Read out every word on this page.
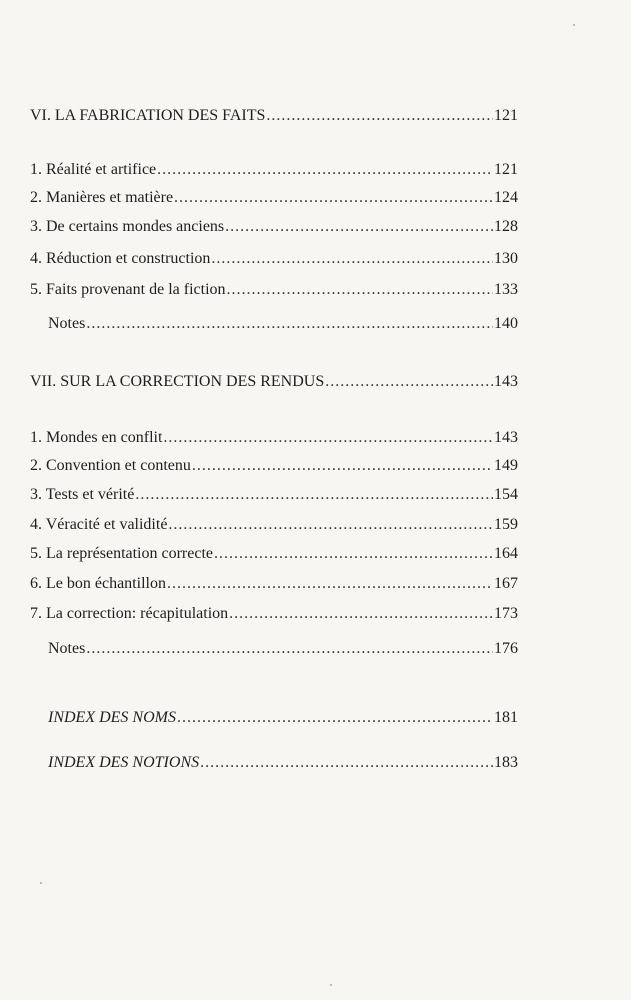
VI. LA FABRICATION DES FAITS .....	121
1. Réalité et artifice .....	121
2. Manières et matière .....	124
3. De certains mondes anciens .....	128
4. Réduction et construction .....	130
5. Faits provenant de la fiction .....	133
Notes .....	140
VII. SUR LA CORRECTION DES RENDUS .....	143
1. Mondes en conflit .....	143
2. Convention et contenu .....	149
3. Tests et vérité .....	154
4. Véracité et validité .....	159
5. La représentation correcte .....	164
6. Le bon échantillon .....	167
7. La correction: récapitulation .....	173
Notes .....	176
INDEX DES NOMS .....	181
INDEX DES NOTIONS .....	183
